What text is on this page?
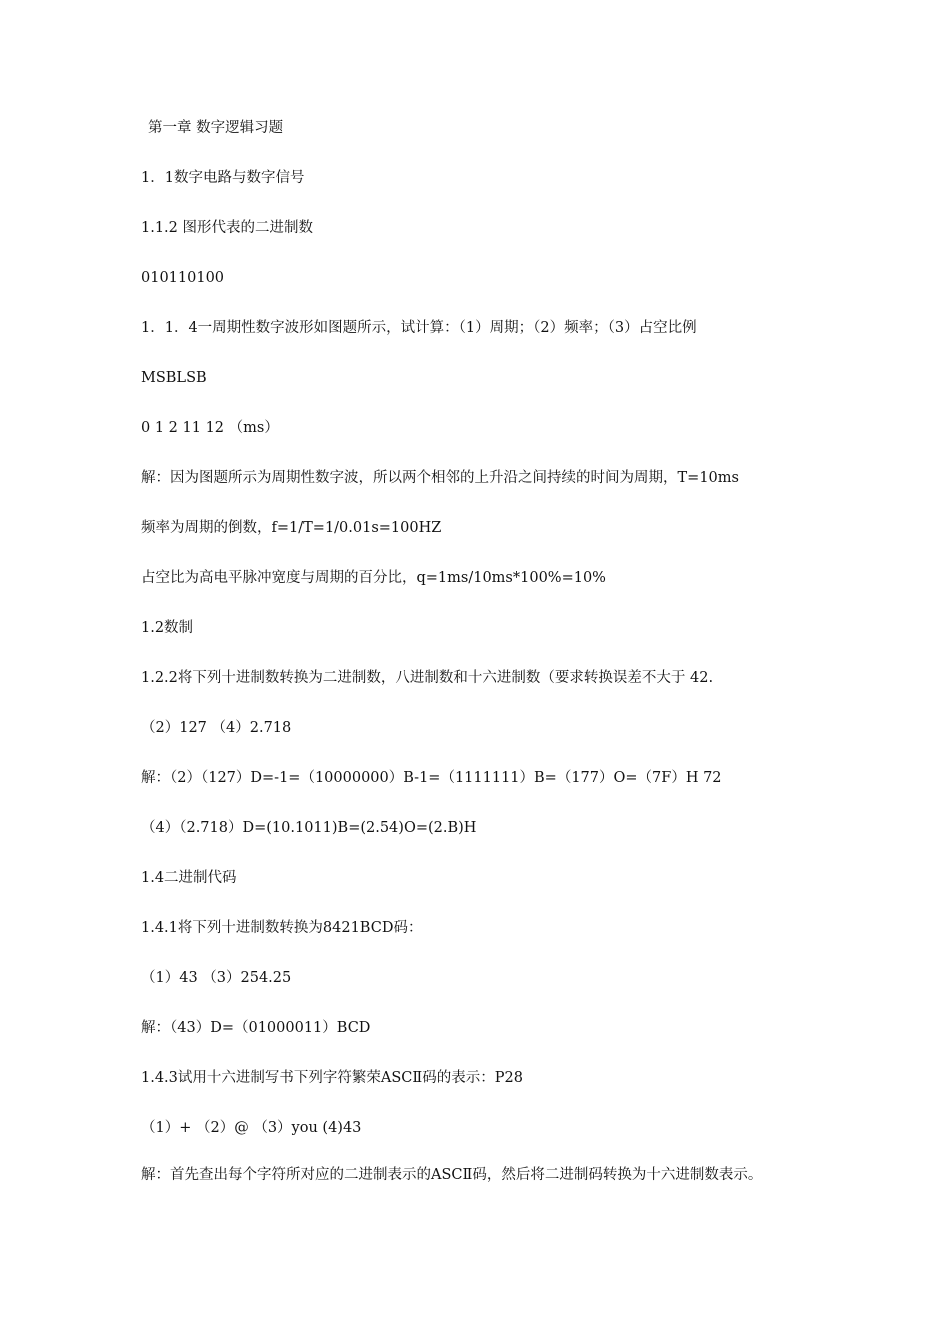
第一章 数字逻辑习题
1．1数字电路与数字信号
1.1.2 图形代表的二进制数
010110100
1．1．4一周期性数字波形如图题所示，试计算：（1）周期；（2）频率；（3）占空比例
MSBLSB
0 1 2 11 12 （ms）
解：因为图题所示为周期性数字波，所以两个相邻的上升沿之间持续的时间为周期，T=10ms
频率为周期的倒数，f=1/T=1/0.01s=100HZ
占空比为高电平脉冲宽度与周期的百分比，q=1ms/10ms*100%=10%
1.2数制
1.2.2将下列十进制数转换为二进制数，八进制数和十六进制数（要求转换误差不大于 42.
（2）127 （4）2.718
解：（2）（127）D=-1=（10000000）B-1=（1111111）B=（177）O=（7F）H 72
（4）（2.718）D=(10.1011)B=(2.54)O=(2.B)H
1.4二进制代码
1.4.1将下列十进制数转换为8421BCD码：
（1）43 （3）254.25
解：（43）D=（01000011）BCD
1.4.3试用十六进制写书下列字符繁荣ASCⅡ码的表示：P28
（1）+ （2）@ （3）you (4)43
解：首先查出每个字符所对应的二进制表示的ASCⅡ码，然后将二进制码转换为十六进制数表示。
